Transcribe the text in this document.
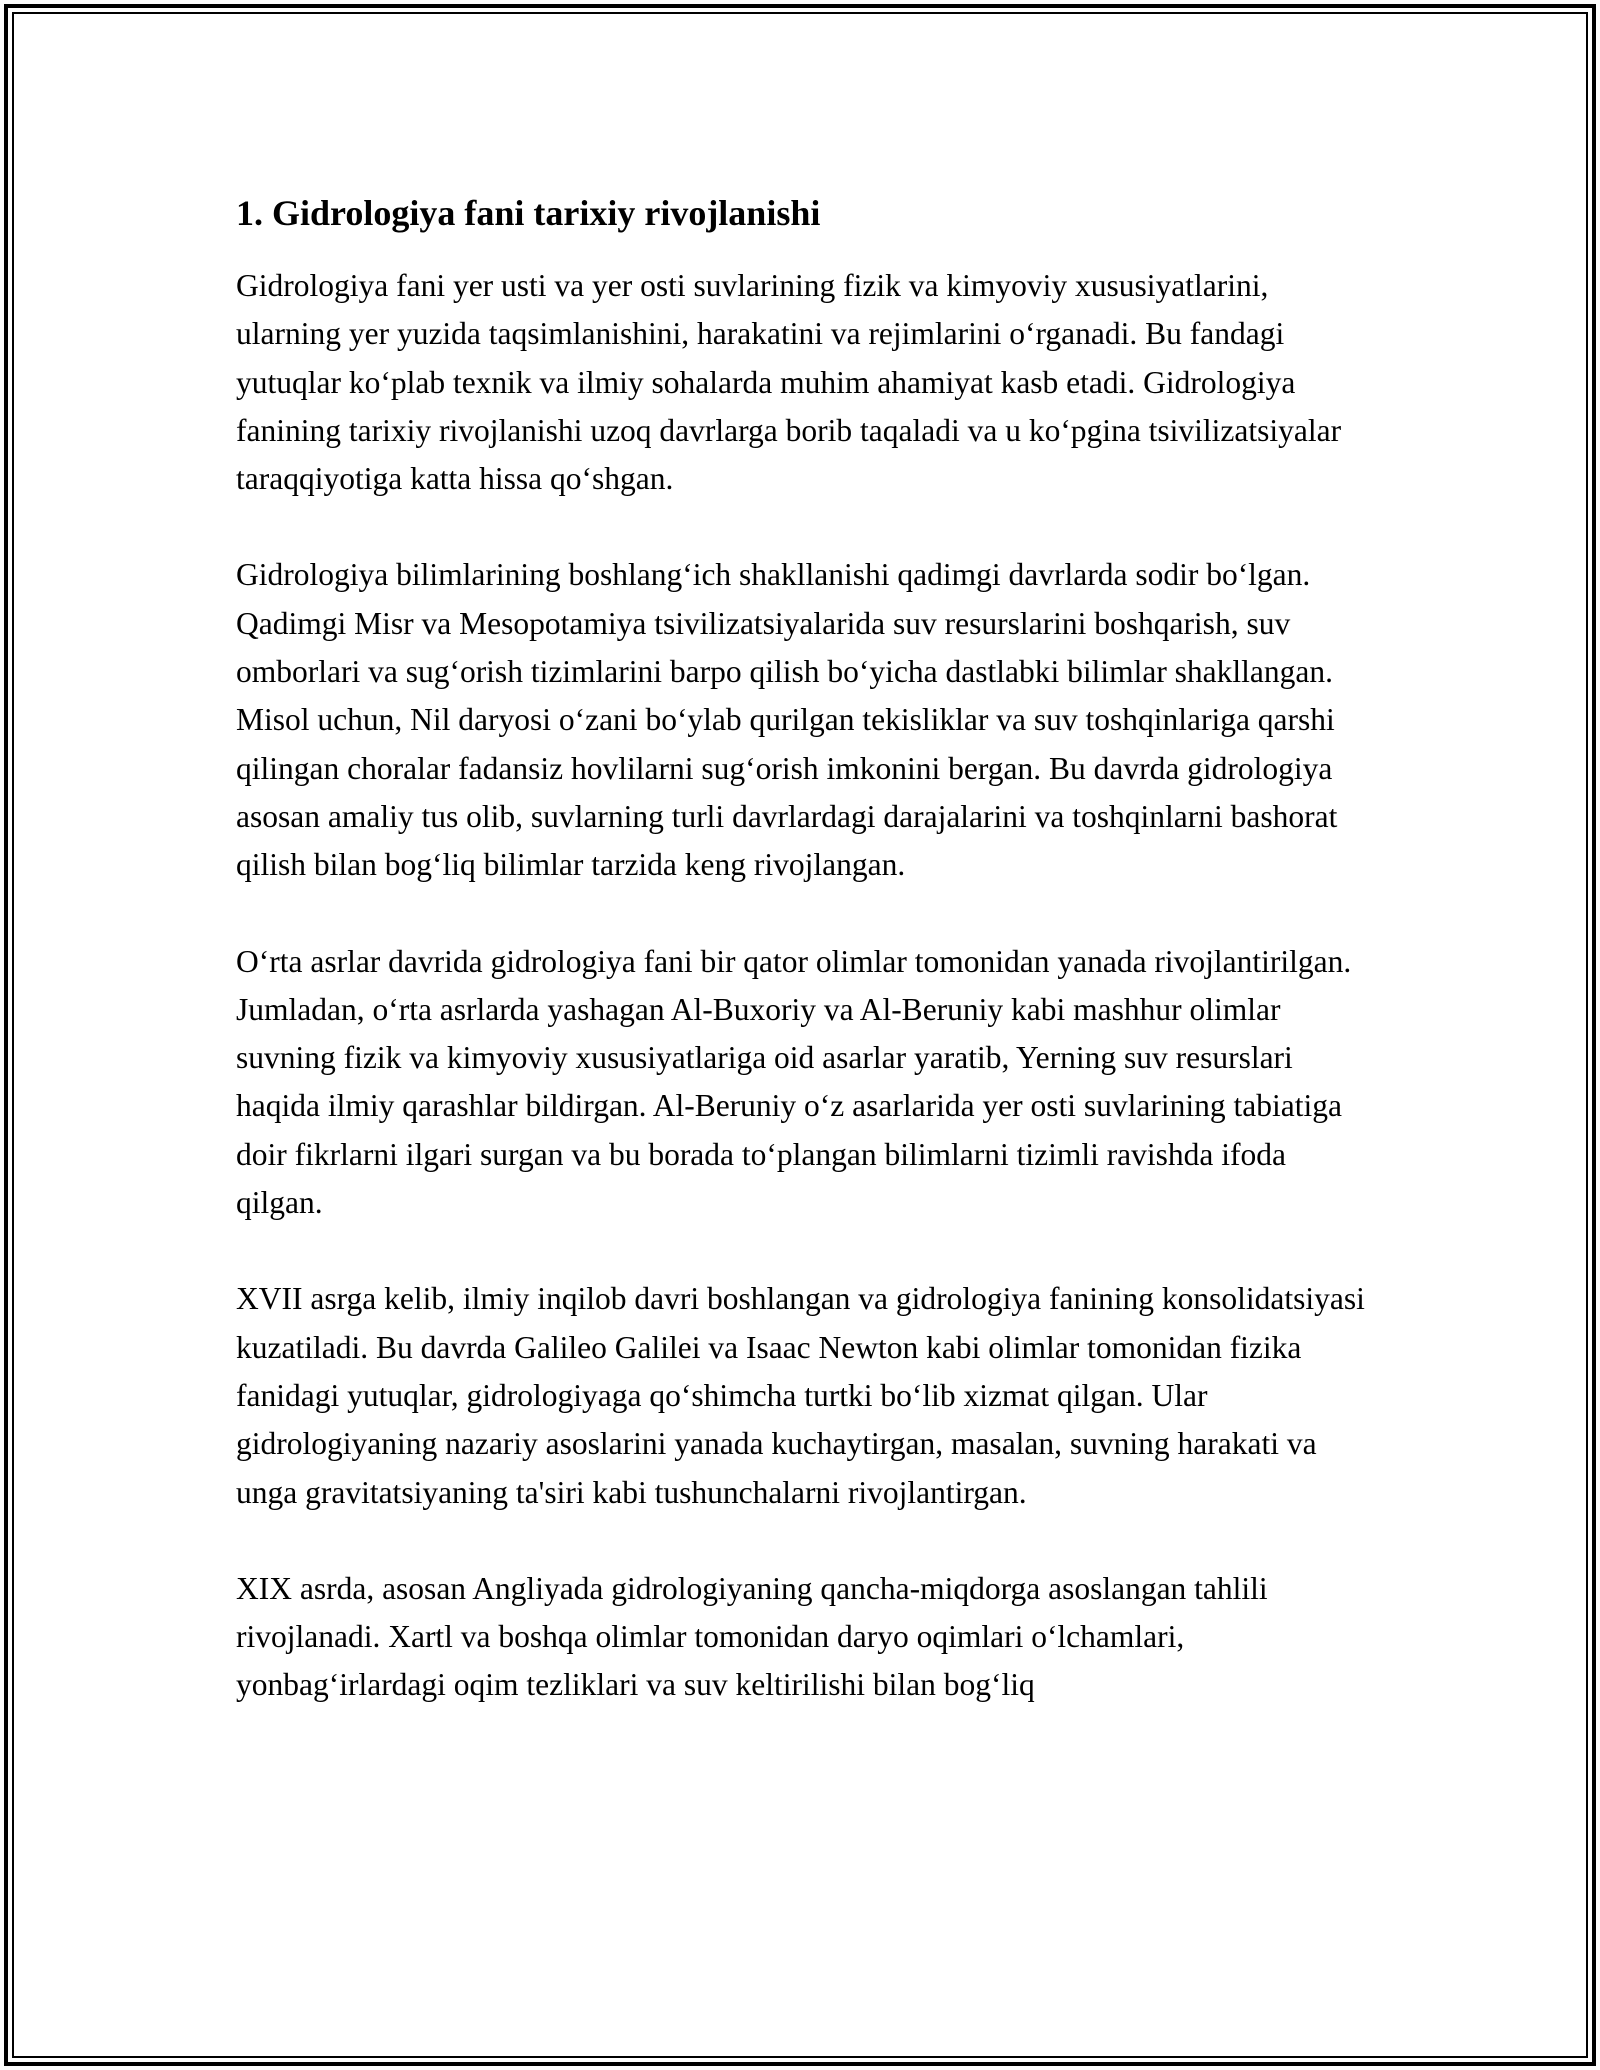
1. Gidrologiya fani tarixiy rivojlanishi

Gidrologiya fani yer usti va yer osti suvlarining fizik va kimyoviy xususiyatlarini, ularning yer yuzida taqsimlanishini, harakatini va rejimlarini o‘rganadi. Bu fandagi yutuqlar ko‘plab texnik va ilmiy sohalarda muhim ahamiyat kasb etadi. Gidrologiya fanining tarixiy rivojlanishi uzoq davrlarga borib taqaladi va u ko‘pgina tsivilizatsiyalar taraqqiyotiga katta hissa qo‘shgan.

Gidrologiya bilimlarining boshlang‘ich shakllanishi qadimgi davrlarda sodir bo‘lgan. Qadimgi Misr va Mesopotamiya tsivilizatsiyalarida suv resurslarini boshqarish, suv omborlari va sug‘orish tizimlarini barpo qilish bo‘yicha dastlabki bilimlar shakllangan. Misol uchun, Nil daryosi o‘zani bo‘ylab qurilgan tekisliklar va suv toshqinlariga qarshi qilingan choralar fadansiz hovlilarni sug‘orish imkonini bergan. Bu davrda gidrologiya asosan amaliy tus olib, suvlarning turli davrlardagi darajalarini va toshqinlarni bashorat qilish bilan bog‘liq bilimlar tarzida keng rivojlangan.

O‘rta asrlar davrida gidrologiya fani bir qator olimlar tomonidan yanada rivojlantirilgan. Jumladan, o‘rta asrlarda yashagan Al-Buxoriy va Al-Beruniy kabi mashhur olimlar suvning fizik va kimyoviy xususiyatlariga oid asarlar yaratib, Yerning suv resurslari haqida ilmiy qarashlar bildirgan. Al-Beruniy o‘z asarlarida yer osti suvlarining tabiatiga doir fikrlarni ilgari surgan va bu borada to‘plangan bilimlarni tizimli ravishda ifoda qilgan.

XVII asrga kelib, ilmiy inqilob davri boshlangan va gidrologiya fanining konsolidatsiyasi kuzatiladi. Bu davrda Galileo Galilei va Isaac Newton kabi olimlar tomonidan fizika fanidagi yutuqlar, gidrologiyaga qo‘shimcha turtki bo‘lib xizmat qilgan. Ular gidrologiyaning nazariy asoslarini yanada kuchaytirgan, masalan, suvning harakati va unga gravitatsiyaning ta'siri kabi tushunchalarni rivojlantirgan.

XIX asrda, asosan Angliyada gidrologiyaning qancha-miqdorga asoslangan tahlili rivojlanadi. Xartl va boshqa olimlar tomonidan daryo oqimlari o‘lchamlari, yonbag‘irlardagi oqim tezliklari va suv keltirilishi bilan bog‘liq
